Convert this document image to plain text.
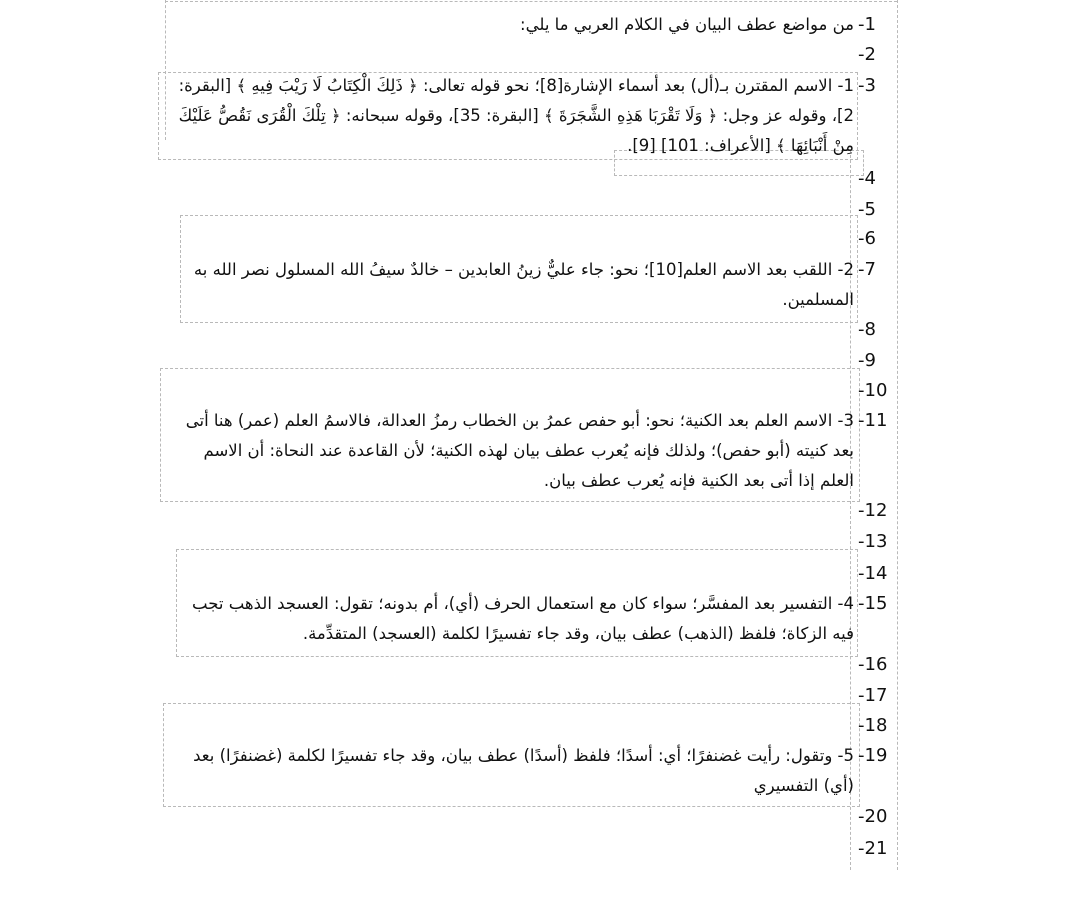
-1
-2
-3
-4
-5
-6
-7
-8
-9
-10
-11
-12
-13
-14
-15
-16
-17
-18
-19
-20
-21
من مواضع عطف البيان في الكلام العربي ما يلي:
1- الاسم المقترن بـ(أل) بعد أسماء الإشارة[8]؛ نحو قوله تعالى: ﴿ ذَلِكَ الْكِتَابُ لَا رَيْبَ فِيهِ ﴾ [البقرة:
2]، وقوله عز وجل: ﴿ وَلَا تَقْرَبَا هَذِهِ الشَّجَرَةَ ﴾ [البقرة: 35]، وقوله سبحانه: ﴿ تِلْكَ الْقُرَى نَقُصُّ عَلَيْكَ
مِنْ أَنْبَائِهَا ﴾ [الأعراف: 101] [9].
2- اللقب بعد الاسم العلم[10]؛ نحو: جاء عليٌّ زينُ العابدين – خالدٌ سيفُ الله المسلول نصر الله به
المسلمين.
3- الاسم العلم بعد الكنية؛ نحو: أبو حفص عمرُ بن الخطاب رمزُ العدالة، فالاسمُ العلم (عمر) هنا أتى
بعد كنيته (أبو حفص)؛ ولذلك فإنه يُعرب عطف بيان لهذه الكنية؛ لأن القاعدة عند النحاة: أن الاسم
العلم إذا أتى بعد الكنية فإنه يُعرب عطف بيان.
4- التفسير بعد المفسَّر؛ سواء كان مع استعمال الحرف (أي)، أم بدونه؛ تقول: العسجد الذهب تجب
فيه الزكاة؛ فلفظ (الذهب) عطف بيان، وقد جاء تفسيرًا لكلمة (العسجد) المتقدِّمة.
5- وتقول: رأيت غضنفرًا؛ أي: أسدًا؛ فلفظ (أسدًا) عطف بيان، وقد جاء تفسيرًا لكلمة (غضنفرًا) بعد
(أي) التفسيري
